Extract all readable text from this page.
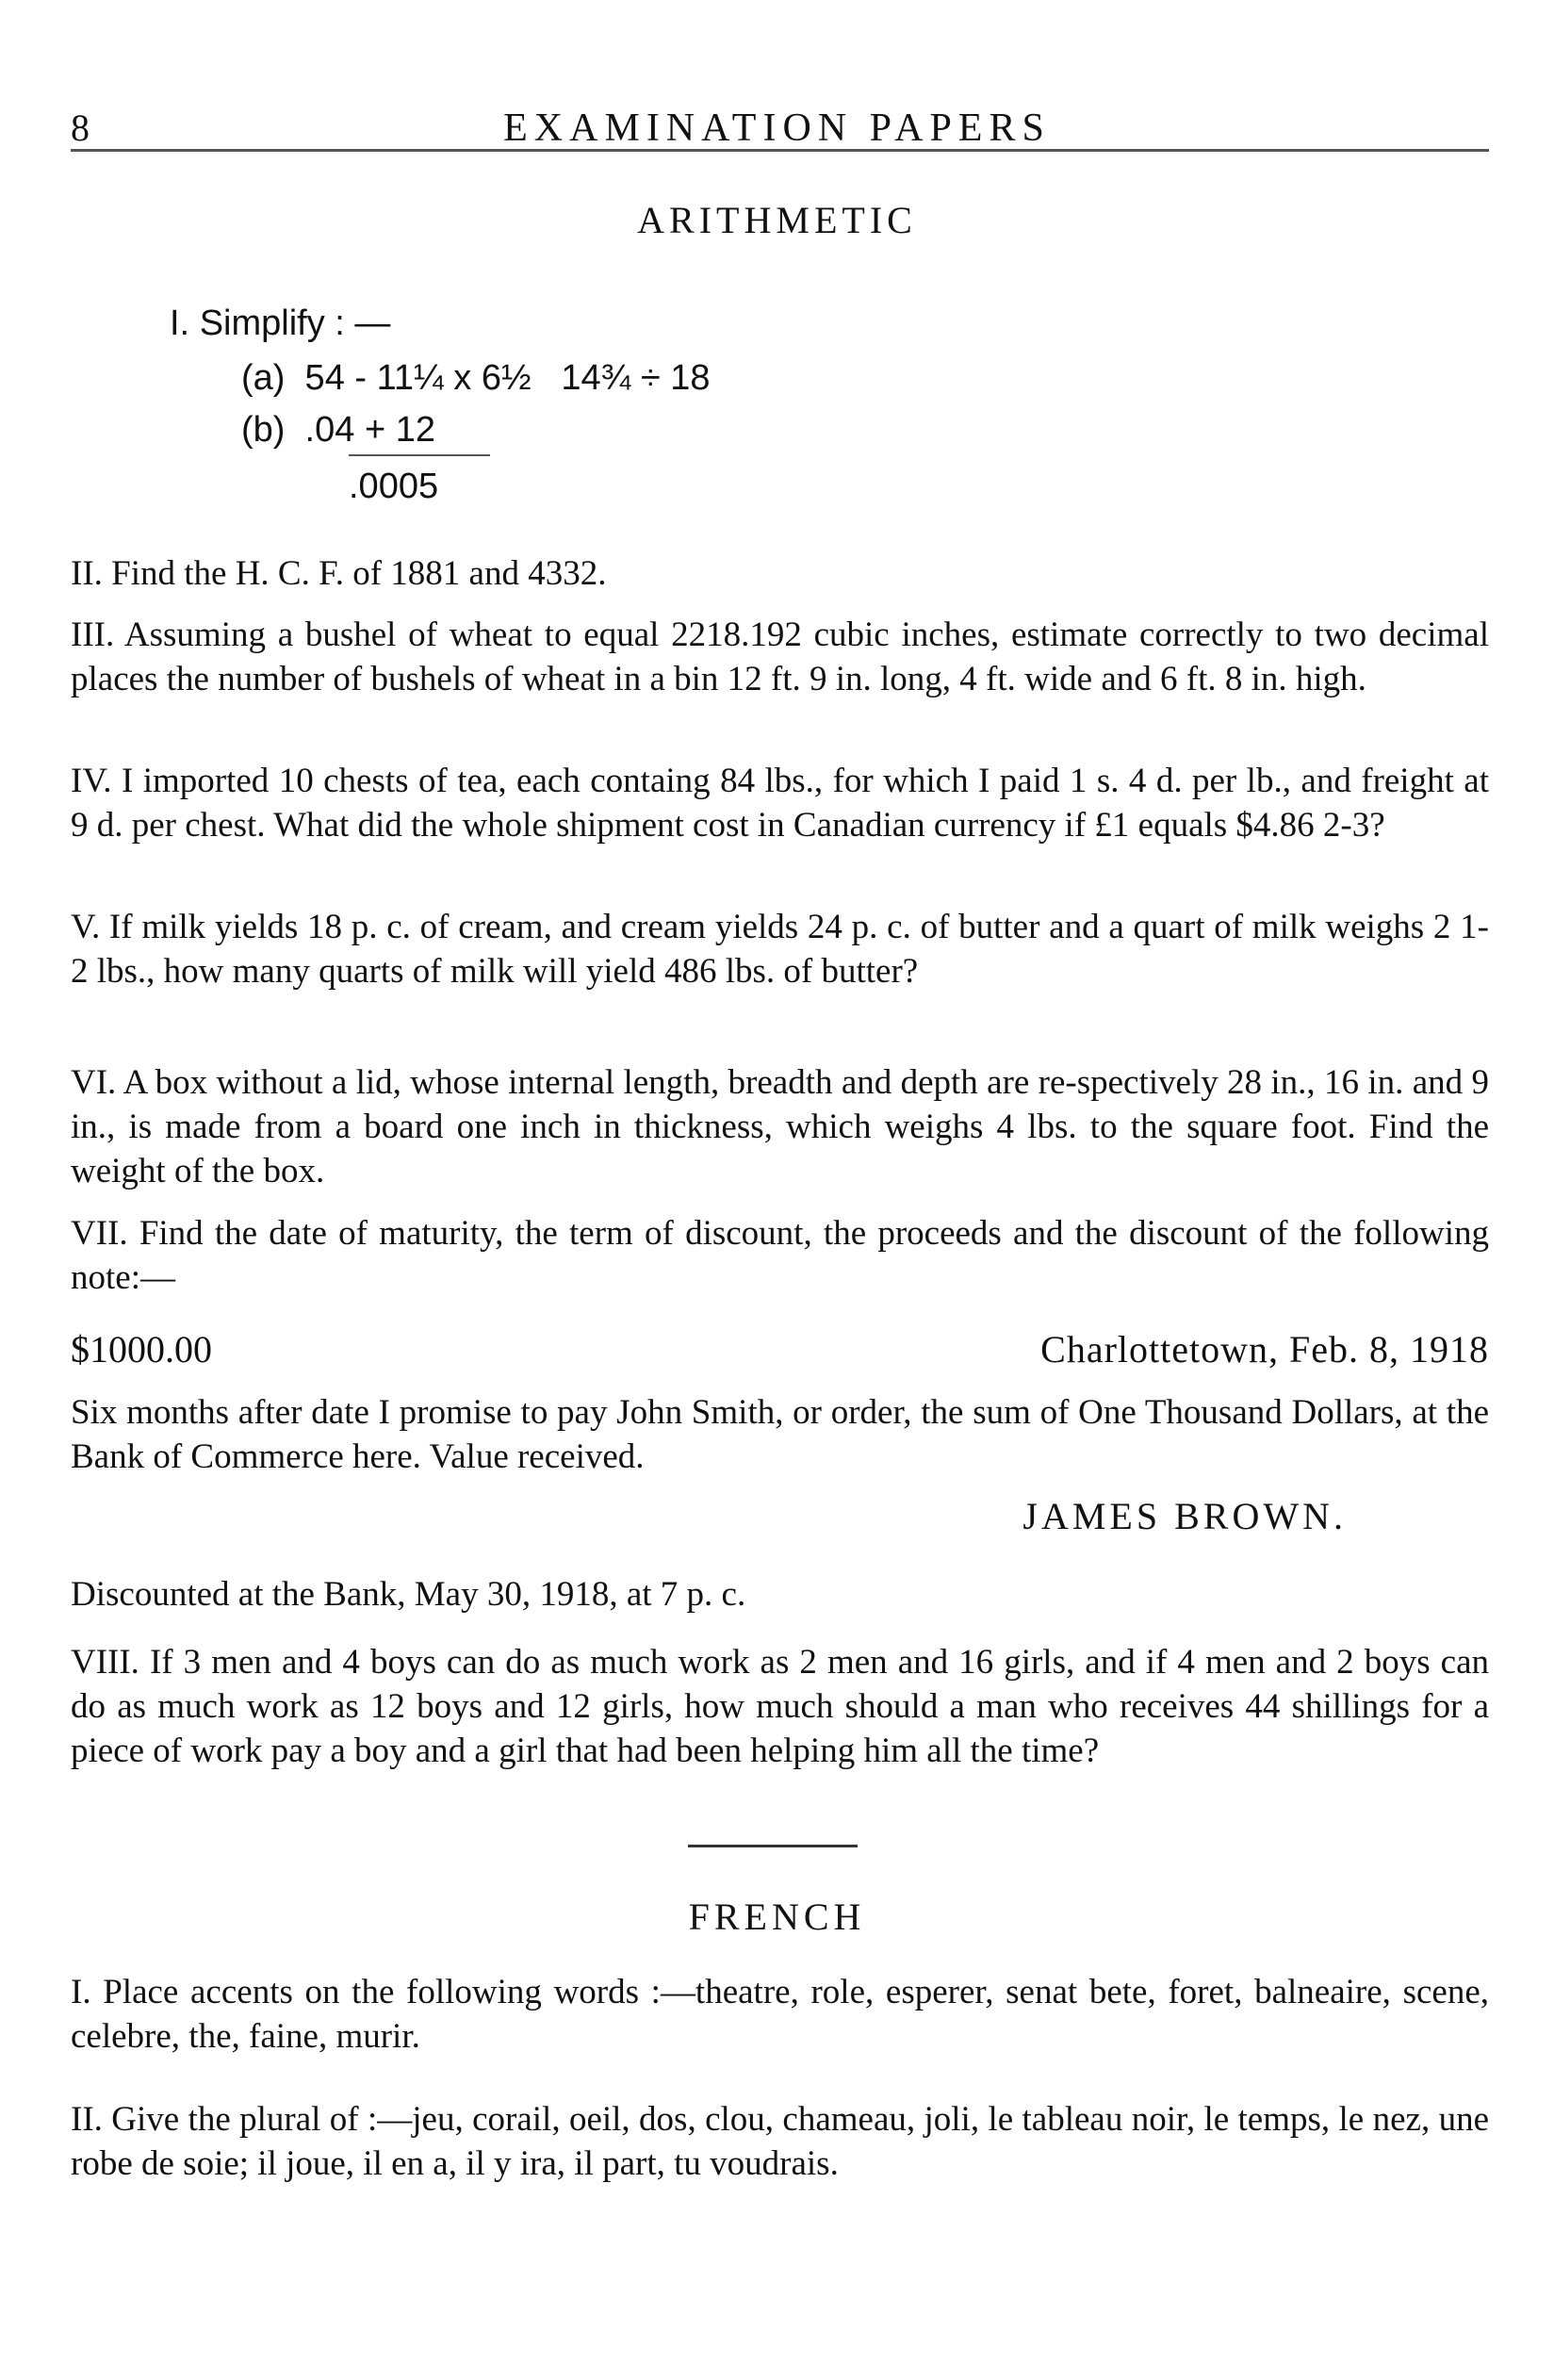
8	EXAMINATION PAPERS
ARITHMETIC
I. Simplify : —
(a)  54 - 11¼ x 6½   14¾ ÷ 18
(b)  .04 + 12
.0005
II. Find the H. C. F. of 1881 and 4332.
III. Assuming a bushel of wheat to equal 2218.192 cubic inches, estimate correctly to two decimal places the number of bushels of wheat in a bin 12 ft. 9 in. long, 4 ft. wide and 6 ft. 8 in. high.
IV. I imported 10 chests of tea, each containg 84 lbs., for which I paid 1 s. 4 d. per lb., and freight at 9 d. per chest. What did the whole shipment cost in Canadian currency if £1 equals $4.86 2-3?
V. If milk yields 18 p. c. of cream, and cream yields 24 p. c. of butter and a quart of milk weighs 2 1-2 lbs., how many quarts of milk will yield 486 lbs. of butter?
VI. A box without a lid, whose internal length, breadth and depth are re-spectively 28 in., 16 in. and 9 in., is made from a board one inch in thickness, which weighs 4 lbs. to the square foot. Find the weight of the box.
VII. Find the date of maturity, the term of discount, the proceeds and the discount of the following note:—
$1000.00	Charlottetown, Feb. 8, 1918
Six months after date I promise to pay John Smith, or order, the sum of One Thousand Dollars, at the Bank of Commerce here. Value received.
JAMES BROWN.
Discounted at the Bank, May 30, 1918, at 7 p. c.
VIII. If 3 men and 4 boys can do as much work as 2 men and 16 girls, and if 4 men and 2 boys can do as much work as 12 boys and 12 girls, how much should a man who receives 44 shillings for a piece of work pay a boy and a girl that had been helping him all the time?
FRENCH
I. Place accents on the following words :—theatre, role, esperer, senat bete, foret, balneaire, scene, celebre, the, faine, murir.
II. Give the plural of :—jeu, corail, oeil, dos, clou, chameau, joli, le tableau noir, le temps, le nez, une robe de soie; il joue, il en a, il y ira, il part, tu voudrais.
